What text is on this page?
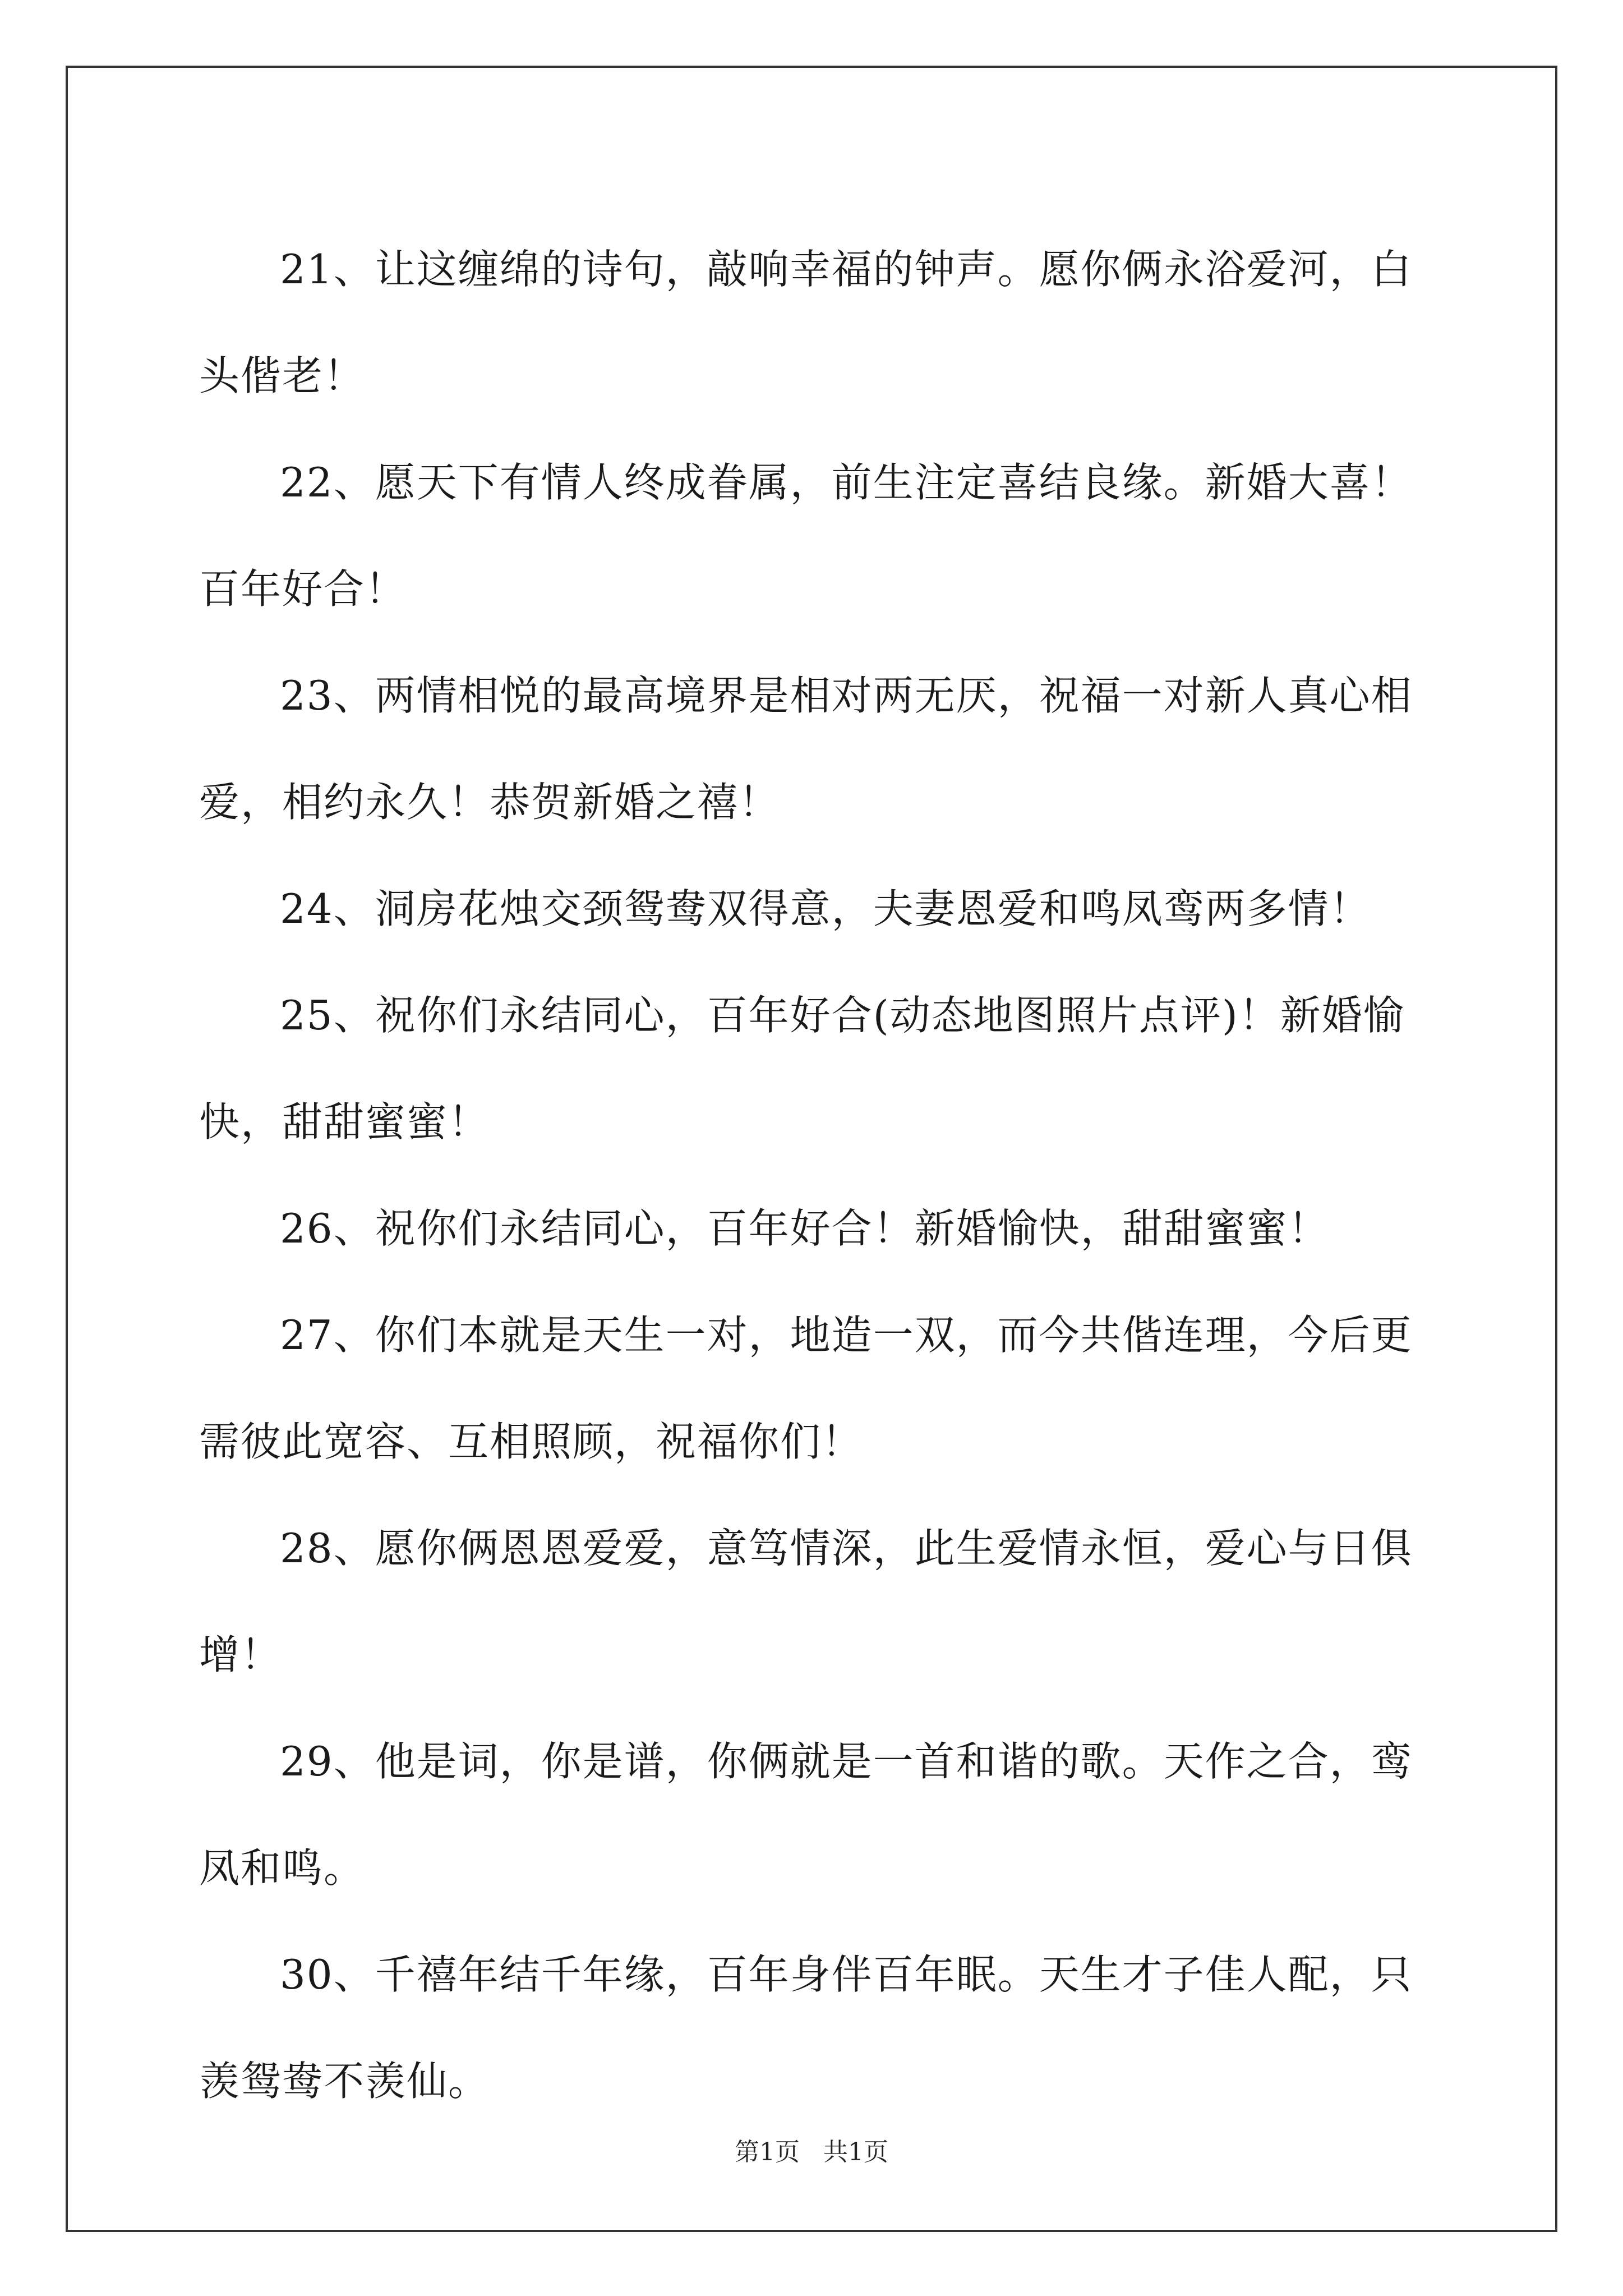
21、让这缠绵的诗句，敲响幸福的钟声。愿你俩永浴爱河，白头偕老！

22、愿天下有情人终成眷属，前生注定喜结良缘。新婚大喜！百年好合！

23、两情相悦的最高境界是相对两无厌，祝福一对新人真心相爱，相约永久！恭贺新婚之禧！

24、洞房花烛交颈鸳鸯双得意，夫妻恩爱和鸣凤鸾两多情！

25、祝你们永结同心，百年好合(动态地图照片点评)！新婚愉快，甜甜蜜蜜！

26、祝你们永结同心，百年好合！新婚愉快，甜甜蜜蜜！

27、你们本就是天生一对，地造一双，而今共偕连理，今后更需彼此宽容、互相照顾，祝福你们！

28、愿你俩恩恩爱爱，意笃情深，此生爱情永恒，爱心与日俱增！

29、他是词，你是谱，你俩就是一首和谐的歌。天作之合，鸾凤和鸣。

30、千禧年结千年缘，百年身伴百年眠。天生才子佳人配，只羡鸳鸯不羡仙。

第1页   共1页
